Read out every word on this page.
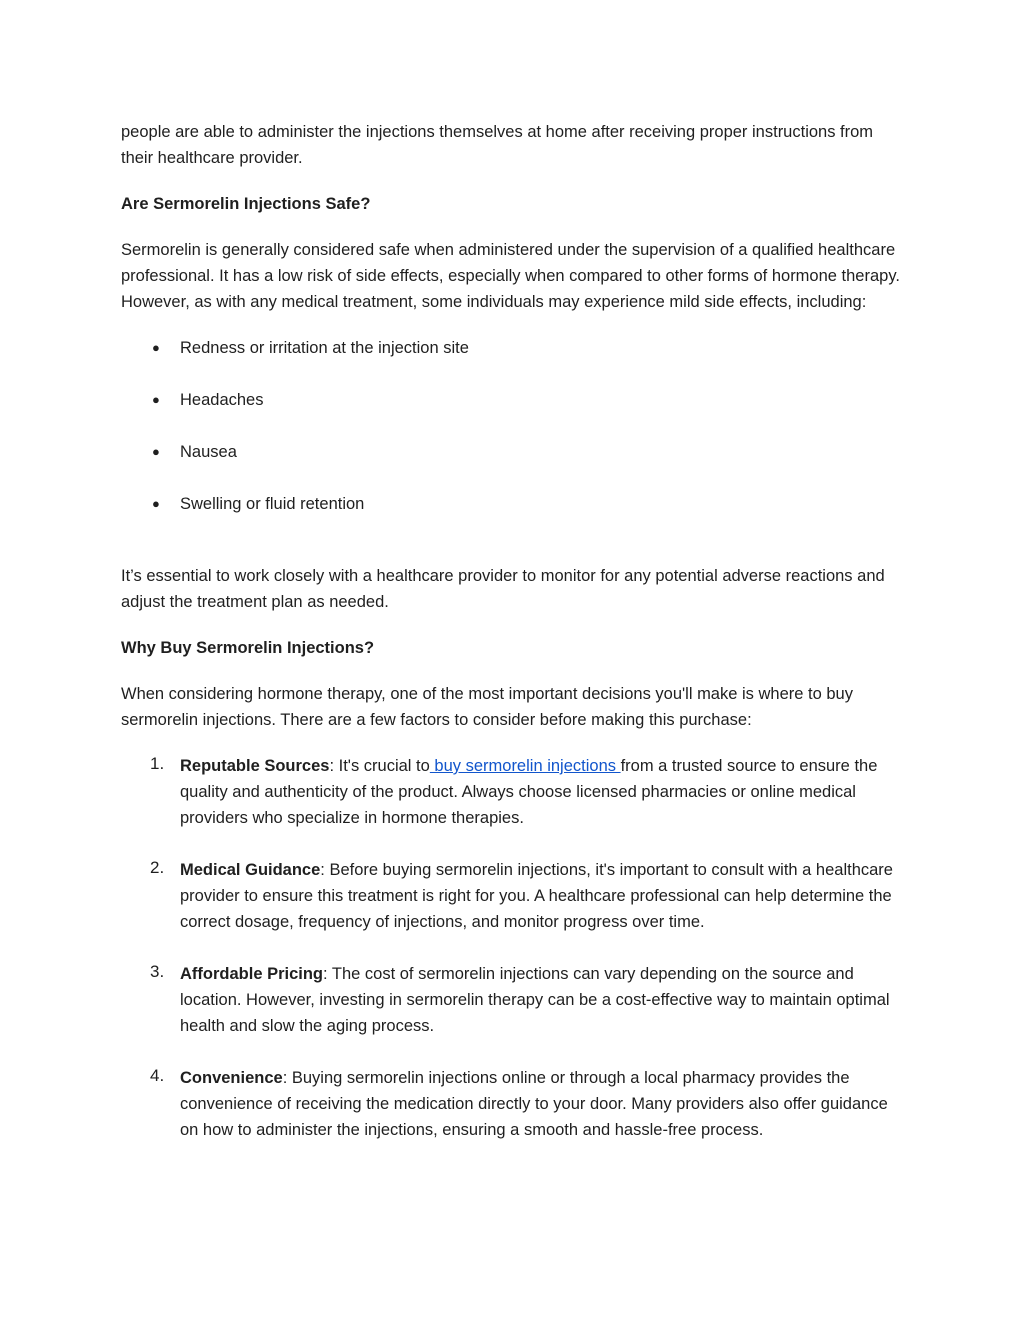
people are able to administer the injections themselves at home after receiving proper instructions from their healthcare provider.

Are Sermorelin Injections Safe?

Sermorelin is generally considered safe when administered under the supervision of a qualified healthcare professional. It has a low risk of side effects, especially when compared to other forms of hormone therapy. However, as with any medical treatment, some individuals may experience mild side effects, including:

● Redness or irritation at the injection site
● Headaches
● Nausea
● Swelling or fluid retention

It’s essential to work closely with a healthcare provider to monitor for any potential adverse reactions and adjust the treatment plan as needed.

Why Buy Sermorelin Injections?

When considering hormone therapy, one of the most important decisions you'll make is where to buy sermorelin injections. There are a few factors to consider before making this purchase:

1. Reputable Sources: It's crucial to buy sermorelin injections from a trusted source to ensure the quality and authenticity of the product. Always choose licensed pharmacies or online medical providers who specialize in hormone therapies.
2. Medical Guidance: Before buying sermorelin injections, it's important to consult with a healthcare provider to ensure this treatment is right for you. A healthcare professional can help determine the correct dosage, frequency of injections, and monitor progress over time.
3. Affordable Pricing: The cost of sermorelin injections can vary depending on the source and location. However, investing in sermorelin therapy can be a cost-effective way to maintain optimal health and slow the aging process.
4. Convenience: Buying sermorelin injections online or through a local pharmacy provides the convenience of receiving the medication directly to your door. Many providers also offer guidance on how to administer the injections, ensuring a smooth and hassle-free process.
